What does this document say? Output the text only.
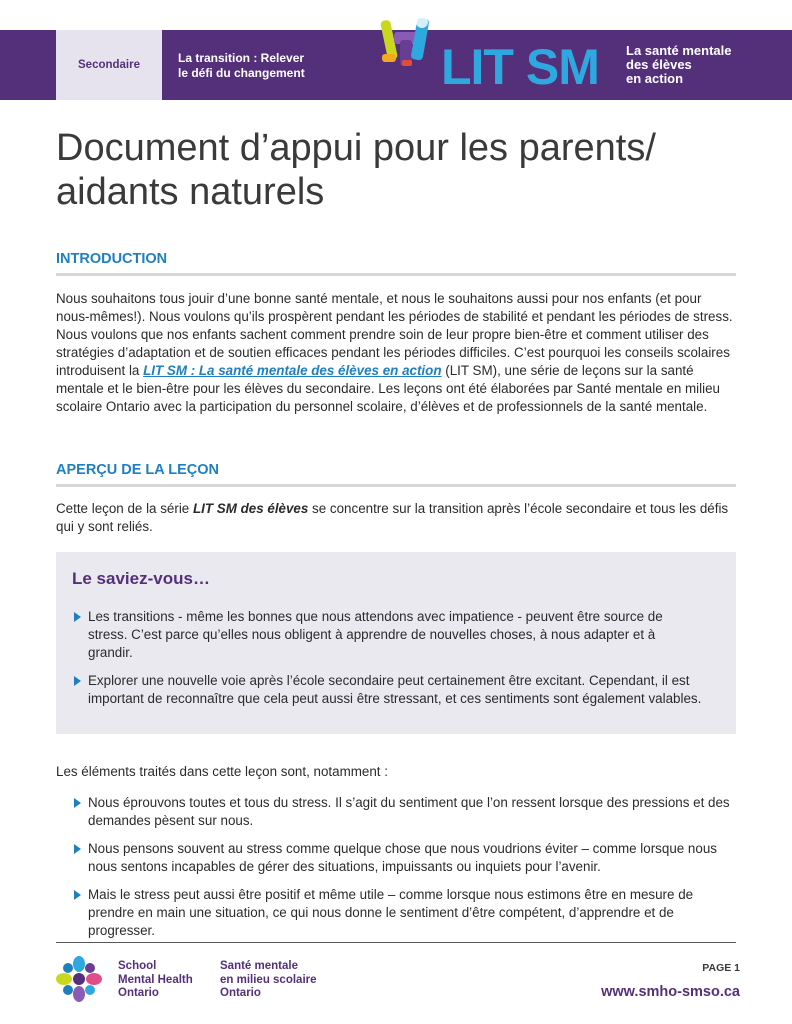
Secondaire	La transition : Relever
le défi du changement	LIT SM La santé mentale
des élèves
en action
Document d’appui pour les parents/
aidants naturels
INTRODUCTION
Nous souhaitons tous jouir d’une bonne santé mentale, et nous le souhaitons aussi pour nos enfants (et pour nous-mêmes!). Nous voulons qu’ils prospèrent pendant les périodes de stabilité et pendant les périodes de stress. Nous voulons que nos enfants sachent comment prendre soin de leur propre bien-être et comment utiliser des stratégies d’adaptation et de soutien efficaces pendant les périodes difficiles. C’est pourquoi les conseils scolaires introduisent la LIT SM : La santé mentale des élèves en action (LIT SM), une série de leçons sur la santé mentale et le bien-être pour les élèves du secondaire. Les leçons ont été élaborées par Santé mentale en milieu scolaire Ontario avec la participation du personnel scolaire, d’élèves et de professionnels de la santé mentale.
APERÇU DE LA LEÇON
Cette leçon de la série LIT SM des élèves se concentre sur la transition après l’école secondaire et tous les défis qui y sont reliés.
Le saviez-vous…
Les transitions - même les bonnes que nous attendons avec impatience - peuvent être source de stress. C’est parce qu’elles nous obligent à apprendre de nouvelles choses, à nous adapter et à grandir.
Explorer une nouvelle voie après l’école secondaire peut certainement être excitant. Cependant, il est important de reconnaître que cela peut aussi être stressant, et ces sentiments sont également valables.
Les éléments traités dans cette leçon sont, notamment :
Nous éprouvons toutes et tous du stress. Il s’agit du sentiment que l’on ressent lorsque des pressions et des demandes pèsent sur nous.
Nous pensons souvent au stress comme quelque chose que nous voudrions éviter – comme lorsque nous nous sentons incapables de gérer des situations, impuissants ou inquiets pour l’avenir.
Mais le stress peut aussi être positif et même utile – comme lorsque nous estimons être en mesure de prendre en main une situation, ce qui nous donne le sentiment d’être compétent, d’apprendre et de progresser.
School
Mental Health
Ontario
Santé mentale
en milieu scolaire
Ontario
PAGE 1
www.smho-smso.ca
